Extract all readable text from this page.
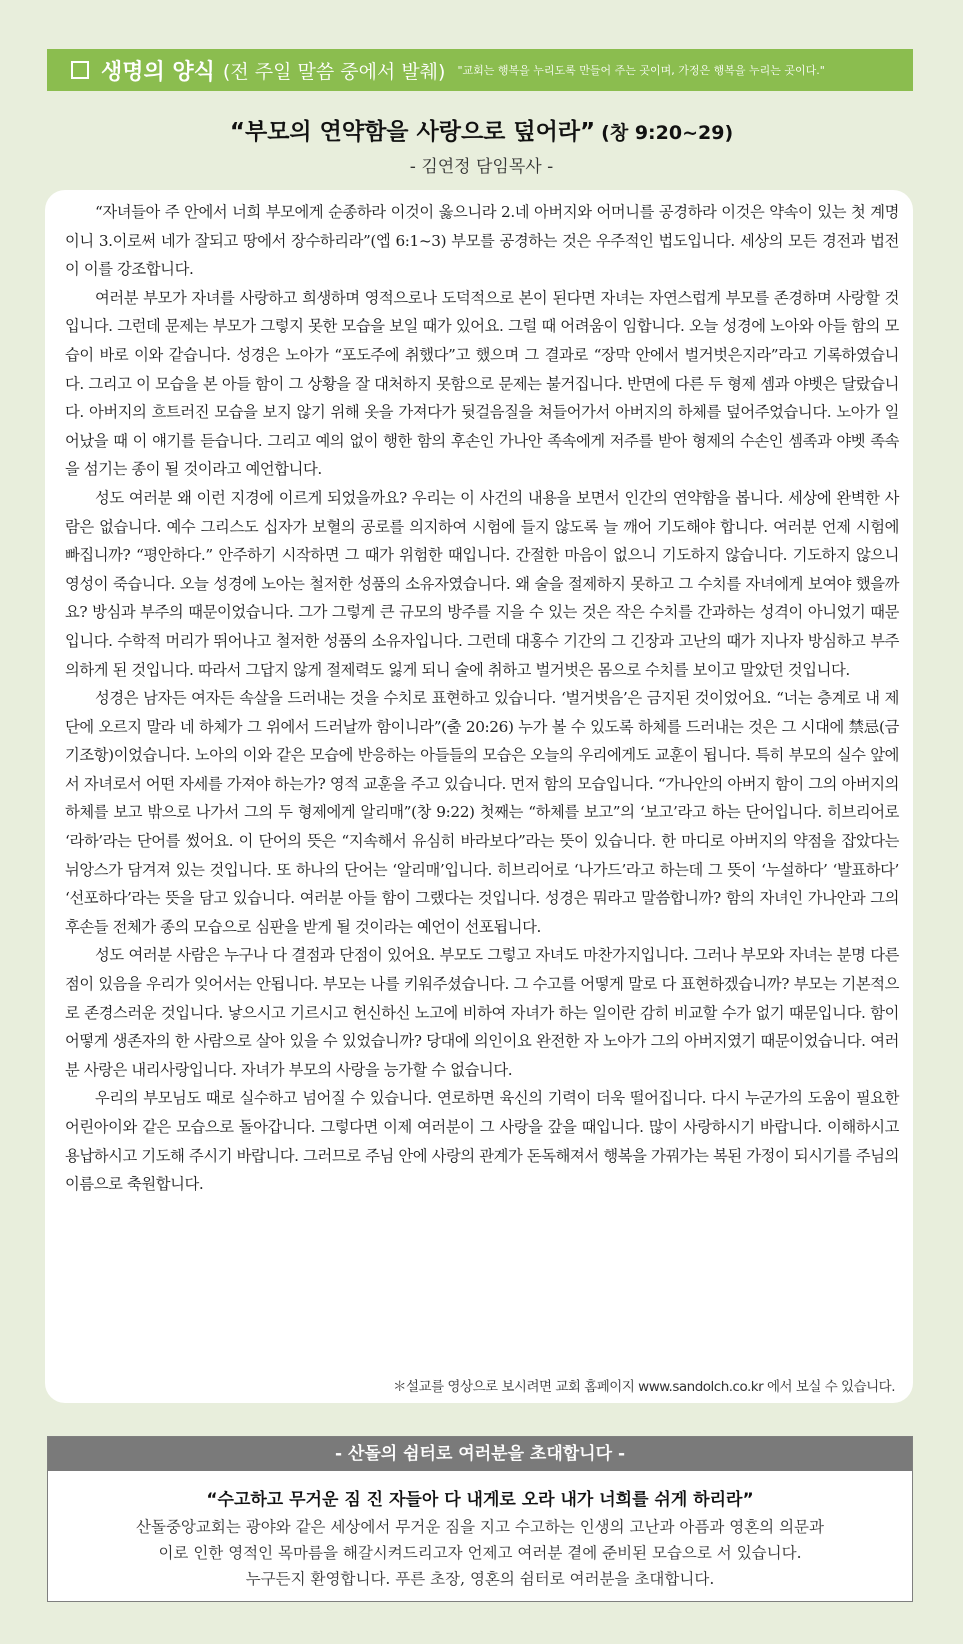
생명의 양식 (전 주일 말씀 중에서 발췌) "교회는 행복을 누리도록 만들어 주는 곳이며, 가정은 행복을 누리는 곳이다."
“부모의 연약함을 사랑으로 덮어라” (창 9:20~29)
- 김연정 담임목사 -

“자녀들아 주 안에서 너희 부모에게 순종하라 이것이 옳으니라 2.네 아버지와 어머니를 공경하라 이것은 약속이 있는 첫 계명이니 3.이로써 네가 잘되고 땅에서 장수하리라”(엡 6:1~3) 부모를 공경하는 것은 우주적인 법도입니다. 세상의 모든 경전과 법전이 이를 강조합니다.

여러분 부모가 자녀를 사랑하고 희생하며 영적으로나 도덕적으로 본이 된다면 자녀는 자연스럽게 부모를 존경하며 사랑할 것입니다. 그런데 문제는 부모가 그렇지 못한 모습을 보일 때가 있어요. 그럴 때 어려움이 임합니다. 오늘 성경에 노아와 아들 함의 모습이 바로 이와 같습니다. 성경은 노아가 “포도주에 취했다”고 했으며 그 결과로 “장막 안에서 벌거벗은지라”라고 기록하였습니다. 그리고 이 모습을 본 아들 함이 그 상황을 잘 대처하지 못함으로 문제는 불거집니다. 반면에 다른 두 형제 셈과 야벳은 달랐습니다. 아버지의 흐트러진 모습을 보지 않기 위해 옷을 가져다가 뒷걸음질을 쳐들어가서 아버지의 하체를 덮어주었습니다. 노아가 일어났을 때 이 얘기를 듣습니다. 그리고 예의 없이 행한 함의 후손인 가나안 족속에게 저주를 받아 형제의 수손인 셈족과 야벳 족속을 섬기는 종이 될 것이라고 예언합니다.

성도 여러분 왜 이런 지경에 이르게 되었을까요? 우리는 이 사건의 내용을 보면서 인간의 연약함을 봅니다. 세상에 완벽한 사람은 없습니다. 예수 그리스도 십자가 보혈의 공로를 의지하여 시험에 들지 않도록 늘 깨어 기도해야 합니다. 여러분 언제 시험에 빠집니까? “평안하다.” 안주하기 시작하면 그 때가 위험한 때입니다. 간절한 마음이 없으니 기도하지 않습니다. 기도하지 않으니 영성이 죽습니다. 오늘 성경에 노아는 철저한 성품의 소유자였습니다. 왜 술을 절제하지 못하고 그 수치를 자녀에게 보여야 했을까요? 방심과 부주의 때문이었습니다. 그가 그렇게 큰 규모의 방주를 지을 수 있는 것은 작은 수치를 간과하는 성격이 아니었기 때문입니다. 수학적 머리가 뛰어나고 철저한 성품의 소유자입니다. 그런데 대홍수 기간의 그 긴장과 고난의 때가 지나자 방심하고 부주의하게 된 것입니다. 따라서 그답지 않게 절제력도 잃게 되니 술에 취하고 벌거벗은 몸으로 수치를 보이고 말았던 것입니다.

성경은 남자든 여자든 속살을 드러내는 것을 수치로 표현하고 있습니다. ‘벌거벗음’은 금지된 것이었어요. “너는 층계로 내 제단에 오르지 말라 네 하체가 그 위에서 드러날까 함이니라”(출 20:26) 누가 볼 수 있도록 하체를 드러내는 것은 그 시대에 禁忌(금기조항)이었습니다. 노아의 이와 같은 모습에 반응하는 아들들의 모습은 오늘의 우리에게도 교훈이 됩니다. 특히 부모의 실수 앞에서 자녀로서 어떤 자세를 가져야 하는가? 영적 교훈을 주고 있습니다. 먼저 함의 모습입니다. “가나안의 아버지 함이 그의 아버지의 하체를 보고 밖으로 나가서 그의 두 형제에게 알리매”(창 9:22) 첫째는 “하체를 보고”의 ‘보고’라고 하는 단어입니다. 히브리어로 ‘라하’라는 단어를 썼어요. 이 단어의 뜻은 “지속해서 유심히 바라보다”라는 뜻이 있습니다. 한 마디로 아버지의 약점을 잡았다는 뉘앙스가 담겨져 있는 것입니다. 또 하나의 단어는 ‘알리매’입니다. 히브리어로 ‘나가드’라고 하는데 그 뜻이 ‘누설하다’ ‘발표하다’ ‘선포하다’라는 뜻을 담고 있습니다. 여러분 아들 함이 그랬다는 것입니다. 성경은 뭐라고 말씀합니까? 함의 자녀인 가나안과 그의 후손들 전체가 종의 모습으로 심판을 받게 될 것이라는 예언이 선포됩니다.

성도 여러분 사람은 누구나 다 결점과 단점이 있어요. 부모도 그렇고 자녀도 마찬가지입니다. 그러나 부모와 자녀는 분명 다른 점이 있음을 우리가 잊어서는 안됩니다. 부모는 나를 키워주셨습니다. 그 수고를 어떻게 말로 다 표현하겠습니까? 부모는 기본적으로 존경스러운 것입니다. 낳으시고 기르시고 헌신하신 노고에 비하여 자녀가 하는 일이란 감히 비교할 수가 없기 때문입니다. 함이 어떻게 생존자의 한 사람으로 살아 있을 수 있었습니까? 당대에 의인이요 완전한 자 노아가 그의 아버지였기 때문이었습니다. 여러분 사랑은 내리사랑입니다. 자녀가 부모의 사랑을 능가할 수 없습니다.

우리의 부모님도 때로 실수하고 넘어질 수 있습니다. 연로하면 육신의 기력이 더욱 떨어집니다. 다시 누군가의 도움이 필요한 어린아이와 같은 모습으로 돌아갑니다. 그렇다면 이제 여러분이 그 사랑을 갚을 때입니다. 많이 사랑하시기 바랍니다. 이해하시고 용납하시고 기도해 주시기 바랍니다. 그러므로 주님 안에 사랑의 관계가 돈독해져서 행복을 가꿔가는 복된 가정이 되시기를 주님의 이름으로 축원합니다.

＊설교를 영상으로 보시려면 교회 홈페이지 www.sandolch.co.kr 에서 보실 수 있습니다.
- 산돌의 쉼터로 여러분을 초대합니다 -
“수고하고 무거운 짐 진 자들아 다 내게로 오라 내가 너희를 쉬게 하리라”
산돌중앙교회는 광야와 같은 세상에서 무거운 짐을 지고 수고하는 인생의 고난과 아픔과 영혼의 의문과
이로 인한 영적인 목마름을 해갈시켜드리고자 언제고 여러분 곁에 준비된 모습으로 서 있습니다.
누구든지 환영합니다. 푸른 초장, 영혼의 쉼터로 여러분을 초대합니다.
